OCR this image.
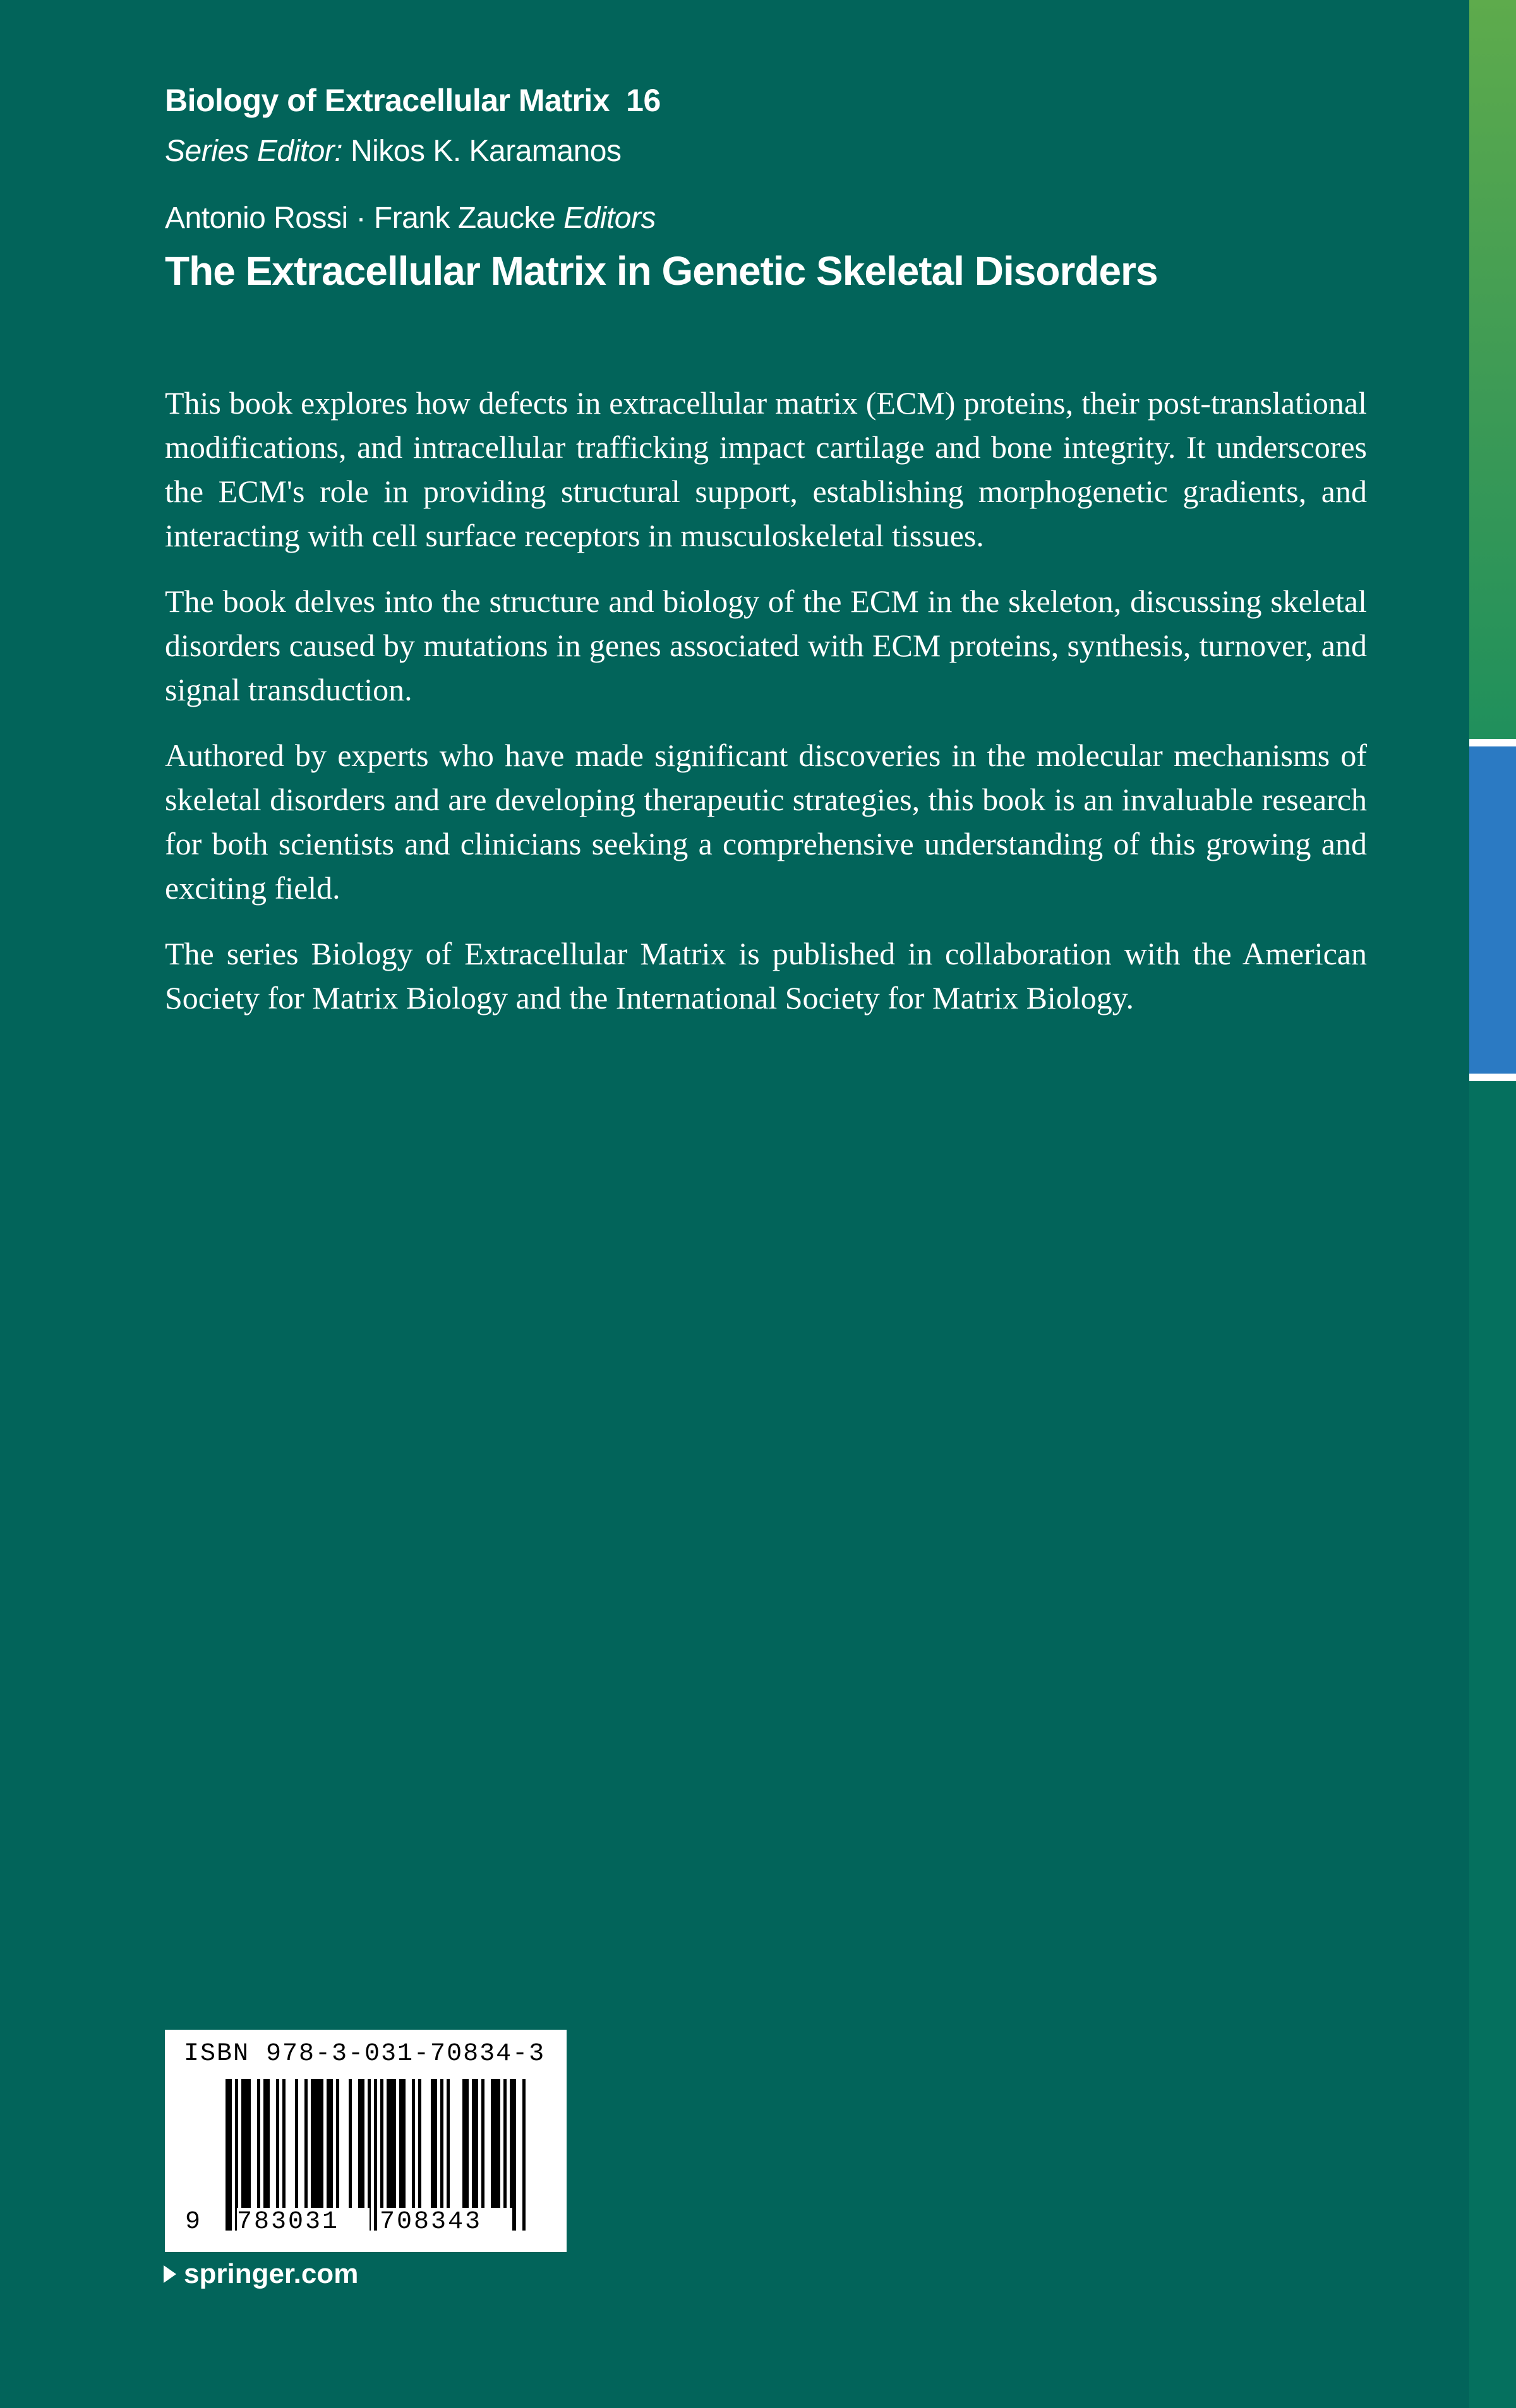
Biology of Extracellular Matrix 16
Series Editor: Nikos K. Karamanos
Antonio Rossi · Frank Zaucke Editors
The Extracellular Matrix in Genetic Skeletal Disorders

This book explores how defects in extracellular matrix (ECM) proteins, their post-translational modifications, and intracellular trafficking impact cartilage and bone integrity. It underscores the ECM's role in providing structural support, establishing morphogenetic gradients, and interacting with cell surface receptors in musculoskeletal tissues.

The book delves into the structure and biology of the ECM in the skeleton, discussing skeletal disorders caused by mutations in genes associated with ECM proteins, synthesis, turnover, and signal transduction.

Authored by experts who have made significant discoveries in the molecular mechanisms of skeletal disorders and are developing therapeutic strategies, this book is an invaluable research for both scientists and clinicians seeking a comprehensive understanding of this growing and exciting field.

The series Biology of Extracellular Matrix is published in collaboration with the American Society for Matrix Biology and the International Society for Matrix Biology.

ISBN 978-3-031-70834-3
9 783031	708343
springer.com
